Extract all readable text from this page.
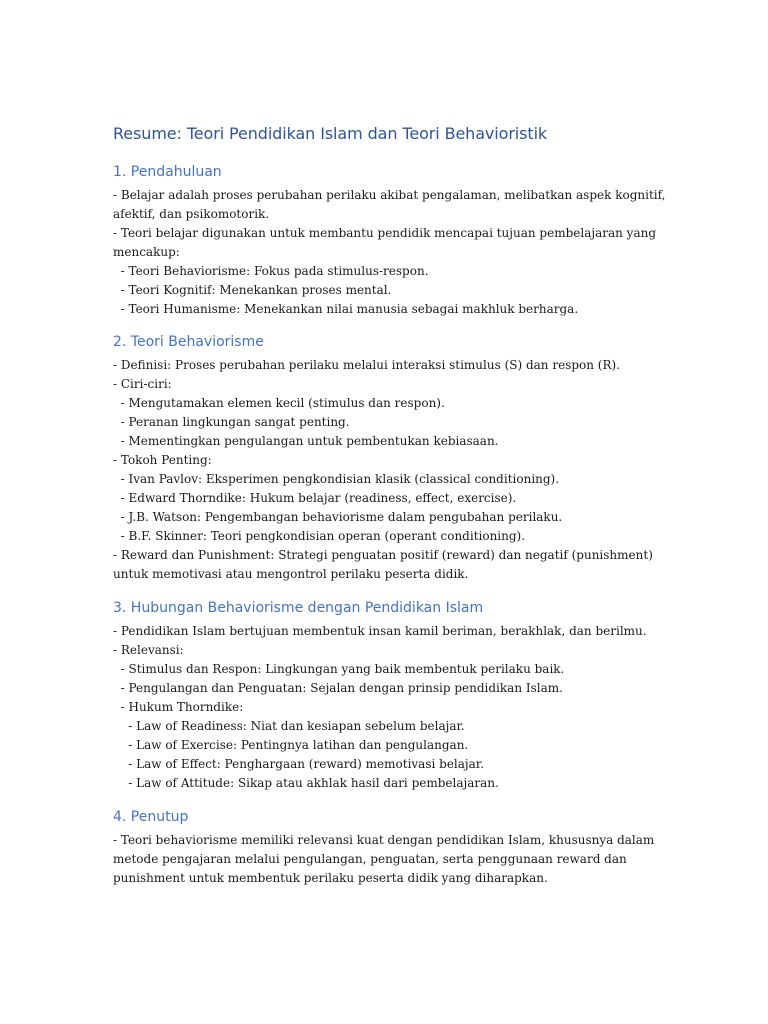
Resume: Teori Pendidikan Islam dan Teori Behavioristik
1. Pendahuluan
- Belajar adalah proses perubahan perilaku akibat pengalaman, melibatkan aspek kognitif,
afektif, dan psikomotorik.
- Teori belajar digunakan untuk membantu pendidik mencapai tujuan pembelajaran yang
mencakup:
- Teori Behaviorisme: Fokus pada stimulus-respon.
- Teori Kognitif: Menekankan proses mental.
- Teori Humanisme: Menekankan nilai manusia sebagai makhluk berharga.
2. Teori Behaviorisme
- Definisi: Proses perubahan perilaku melalui interaksi stimulus (S) dan respon (R).
- Ciri-ciri:
- Mengutamakan elemen kecil (stimulus dan respon).
- Peranan lingkungan sangat penting.
- Mementingkan pengulangan untuk pembentukan kebiasaan.
- Tokoh Penting:
- Ivan Pavlov: Eksperimen pengkondisian klasik (classical conditioning).
- Edward Thorndike: Hukum belajar (readiness, effect, exercise).
- J.B. Watson: Pengembangan behaviorisme dalam pengubahan perilaku.
- B.F. Skinner: Teori pengkondisian operan (operant conditioning).
- Reward dan Punishment: Strategi penguatan positif (reward) dan negatif (punishment)
untuk memotivasi atau mengontrol perilaku peserta didik.
3. Hubungan Behaviorisme dengan Pendidikan Islam
- Pendidikan Islam bertujuan membentuk insan kamil beriman, berakhlak, dan berilmu.
- Relevansi:
- Stimulus dan Respon: Lingkungan yang baik membentuk perilaku baik.
- Pengulangan dan Penguatan: Sejalan dengan prinsip pendidikan Islam.
- Hukum Thorndike:
- Law of Readiness: Niat dan kesiapan sebelum belajar.
- Law of Exercise: Pentingnya latihan dan pengulangan.
- Law of Effect: Penghargaan (reward) memotivasi belajar.
- Law of Attitude: Sikap atau akhlak hasil dari pembelajaran.
4. Penutup
- Teori behaviorisme memiliki relevansi kuat dengan pendidikan Islam, khususnya dalam
metode pengajaran melalui pengulangan, penguatan, serta penggunaan reward dan
punishment untuk membentuk perilaku peserta didik yang diharapkan.
